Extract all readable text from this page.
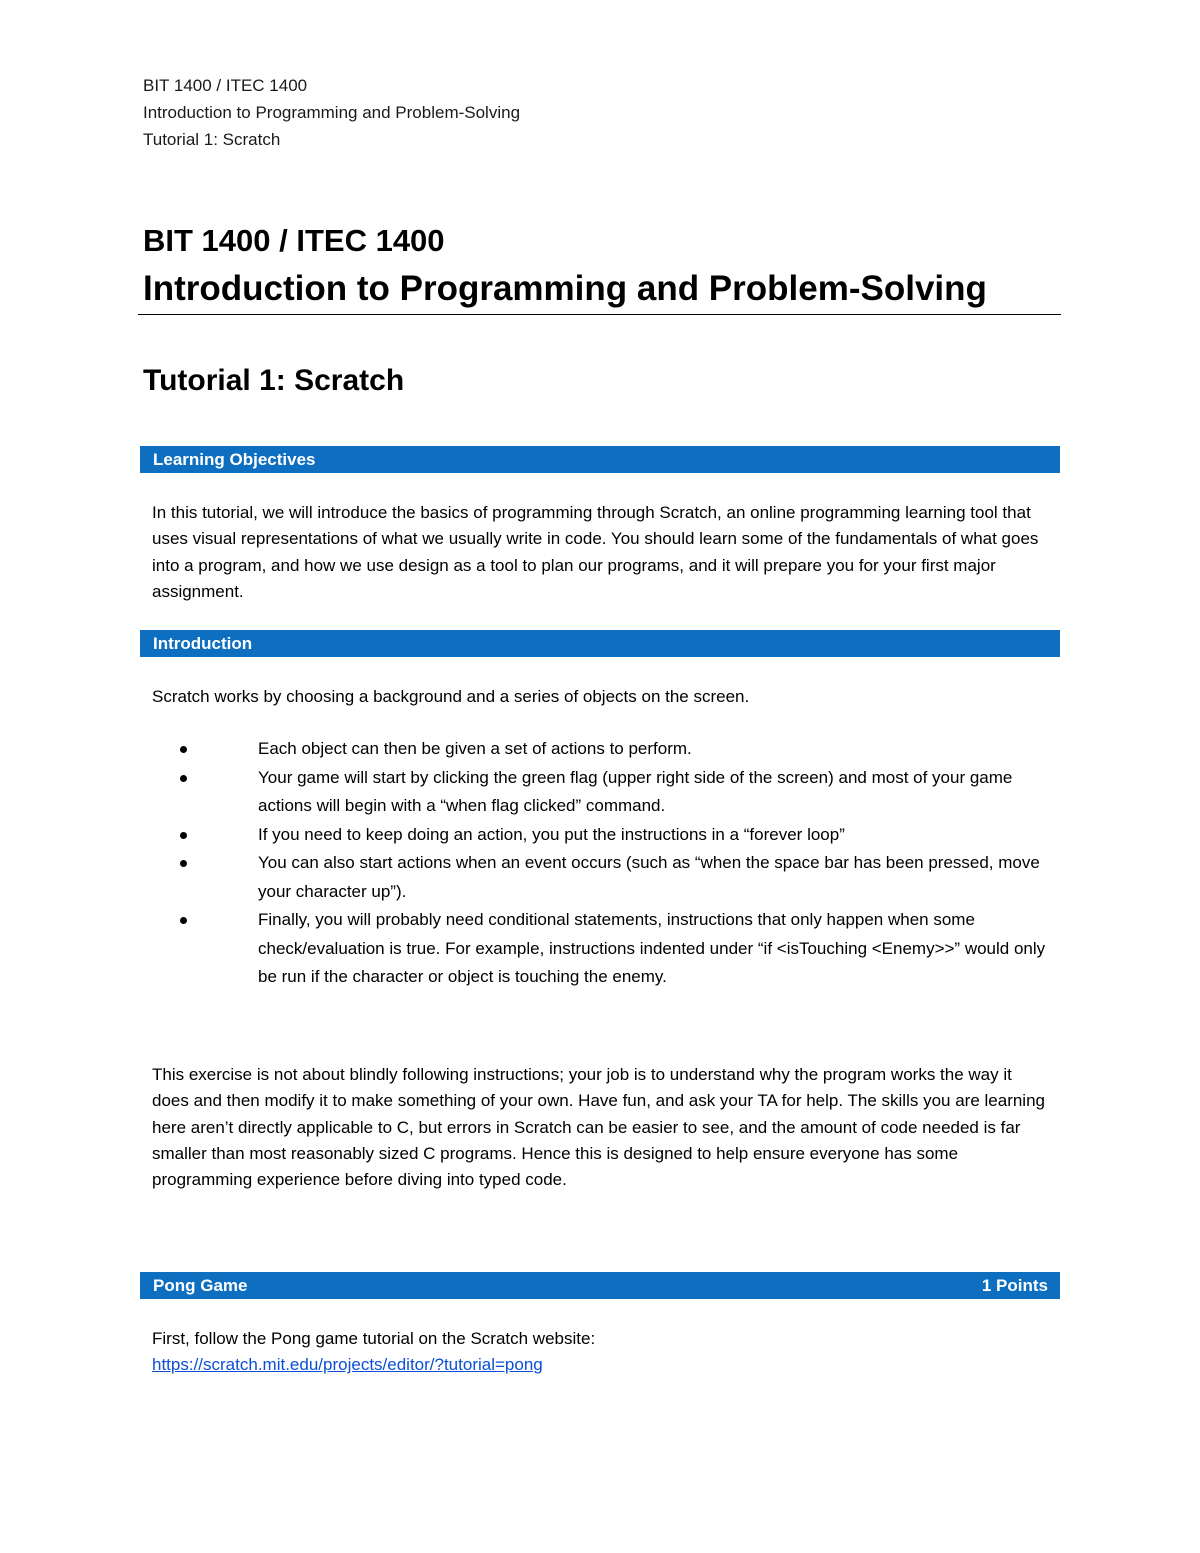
BIT 1400 / ITEC 1400
Introduction to Programming and Problem-Solving
Tutorial 1: Scratch
BIT 1400 / ITEC 1400
Introduction to Programming and Problem-Solving
Tutorial 1: Scratch
Learning Objectives
In this tutorial, we will introduce the basics of programming through Scratch, an online programming learning tool that uses visual representations of what we usually write in code. You should learn some of the fundamentals of what goes into a program, and how we use design as a tool to plan our programs, and it will prepare you for your first major assignment.
Introduction
Scratch works by choosing a background and a series of objects on the screen.
Each object can then be given a set of actions to perform.
Your game will start by clicking the green flag (upper right side of the screen) and most of your game actions will begin with a “when flag clicked” command.
If you need to keep doing an action, you put the instructions in a “forever loop”
You can also start actions when an event occurs (such as “when the space bar has been pressed, move your character up”).
Finally, you will probably need conditional statements, instructions that only happen when some check/evaluation is true. For example, instructions indented under “if <isTouching <Enemy>>” would only be run if the character or object is touching the enemy.
This exercise is not about blindly following instructions; your job is to understand why the program works the way it does and then modify it to make something of your own. Have fun, and ask your TA for help. The skills you are learning here aren’t directly applicable to C, but errors in Scratch can be easier to see, and the amount of code needed is far smaller than most reasonably sized C programs. Hence this is designed to help ensure everyone has some programming experience before diving into typed code.
Pong Game	1 Points
First, follow the Pong game tutorial on the Scratch website:
https://scratch.mit.edu/projects/editor/?tutorial=pong
